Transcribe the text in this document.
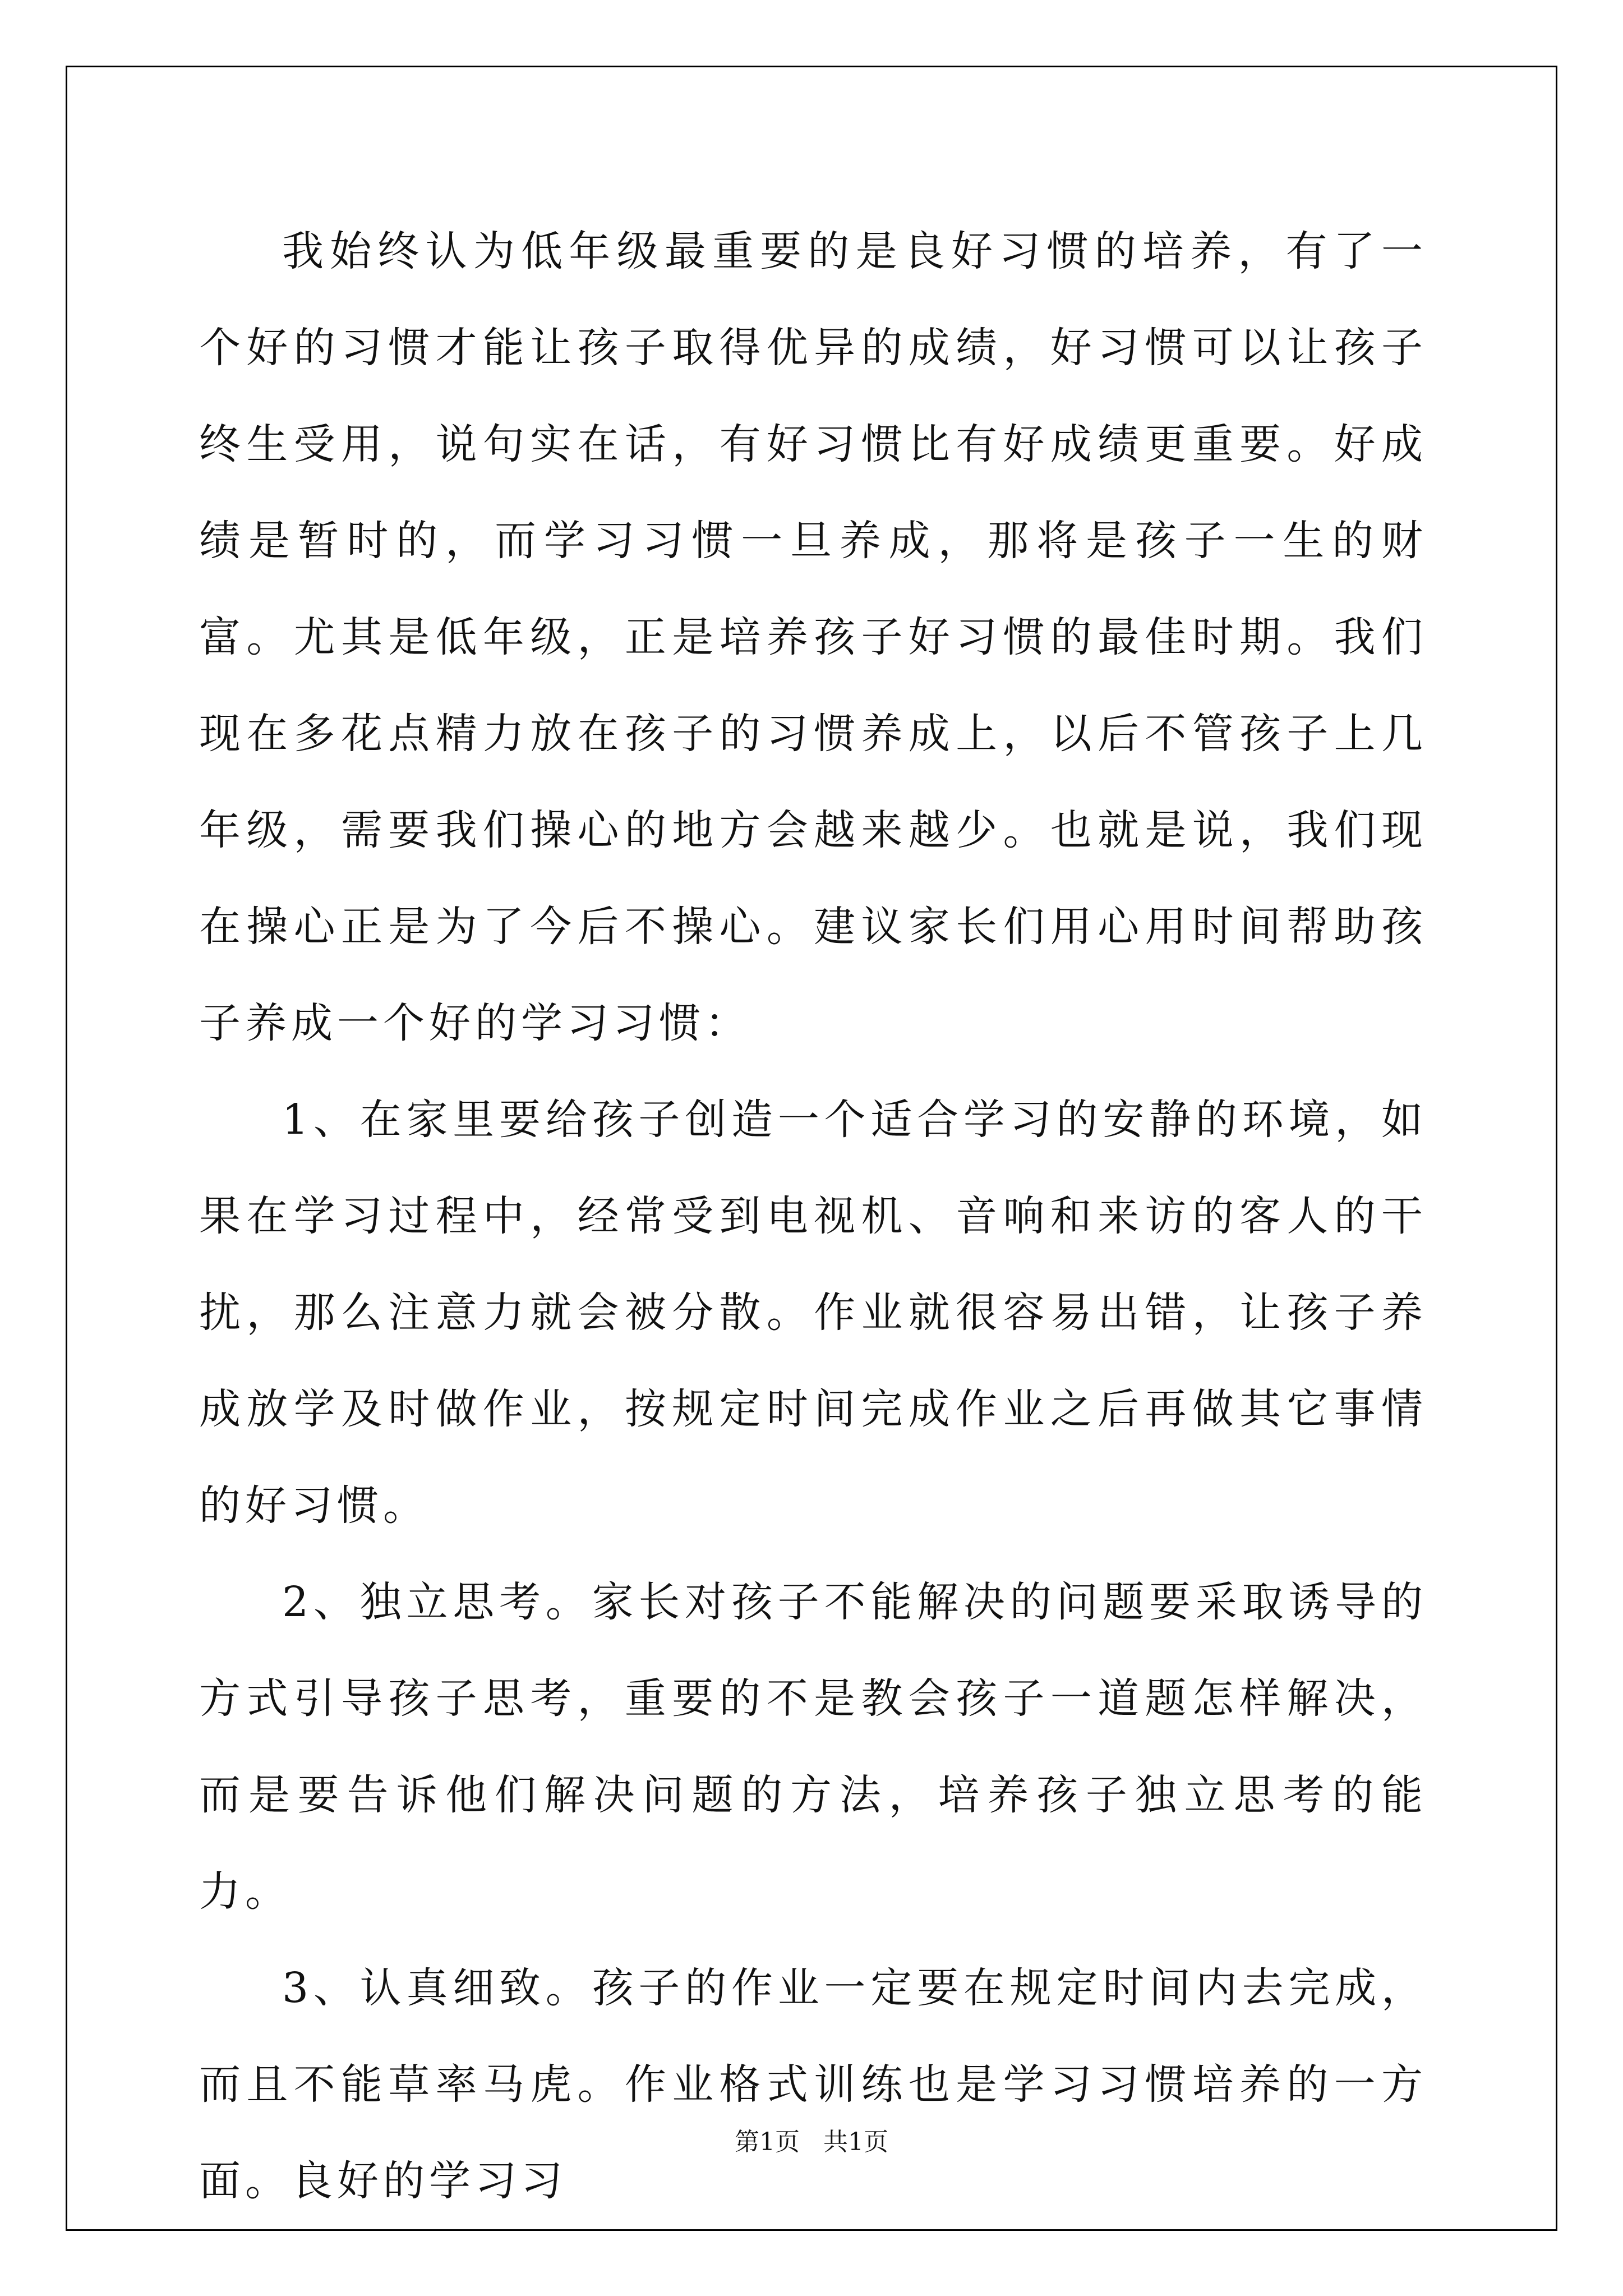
我始终认为低年级最重要的是良好习惯的培养，有了一个好的习惯才能让孩子取得优异的成绩，好习惯可以让孩子终生受用，说句实在话，有好习惯比有好成绩更重要。好成绩是暂时的，而学习习惯一旦养成，那将是孩子一生的财富。尤其是低年级，正是培养孩子好习惯的最佳时期。我们现在多花点精力放在孩子的习惯养成上，以后不管孩子上几年级，需要我们操心的地方会越来越少。也就是说，我们现在操心正是为了今后不操心。建议家长们用心用时间帮助孩子养成一个好的学习习惯：

1、在家里要给孩子创造一个适合学习的安静的环境，如果在学习过程中，经常受到电视机、音响和来访的客人的干扰，那么注意力就会被分散。作业就很容易出错，让孩子养成放学及时做作业，按规定时间完成作业之后再做其它事情的好习惯。

2、独立思考。家长对孩子不能解决的问题要采取诱导的方式引导孩子思考，重要的不是教会孩子一道题怎样解决，而是要告诉他们解决问题的方法，培养孩子独立思考的能力。

3、认真细致。孩子的作业一定要在规定时间内去完成，而且不能草率马虎。作业格式训练也是学习习惯培养的一方面。良好的学习习

第1页   共1页
